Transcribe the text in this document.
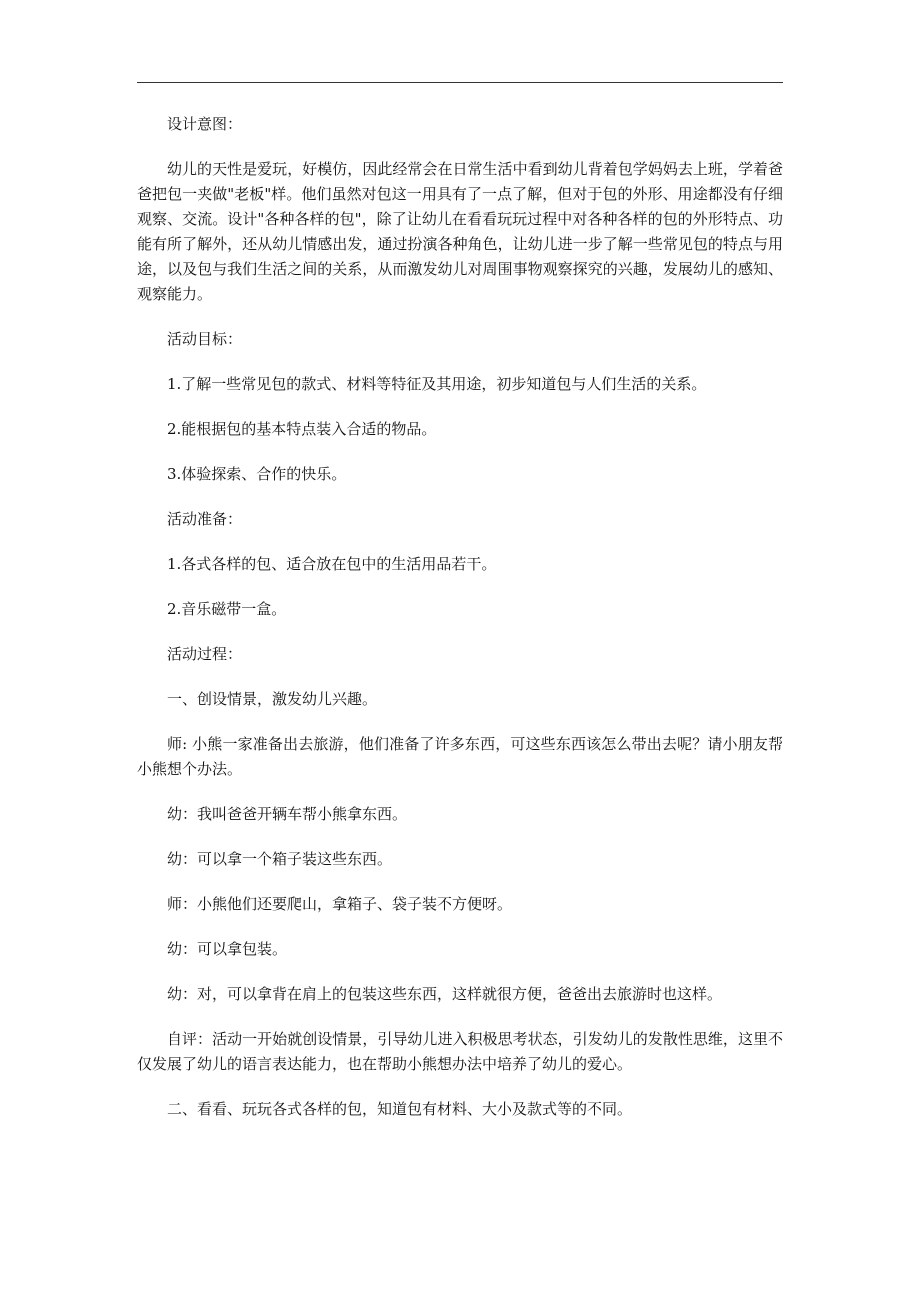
设计意图：

幼儿的天性是爱玩，好模仿，因此经常会在日常生活中看到幼儿背着包学妈妈去上班，学着爸爸把包一夹做"老板"样。他们虽然对包这一用具有了一点了解，但对于包的外形、用途都没有仔细观察、交流。设计"各种各样的包"，除了让幼儿在看看玩玩过程中对各种各样的包的外形特点、功能有所了解外，还从幼儿情感出发，通过扮演各种角色，让幼儿进一步了解一些常见包的特点与用途，以及包与我们生活之间的关系，从而激发幼儿对周围事物观察探究的兴趣，发展幼儿的感知、观察能力。

活动目标：

1.了解一些常见包的款式、材料等特征及其用途，初步知道包与人们生活的关系。

2.能根据包的基本特点装入合适的物品。

3.体验探索、合作的快乐。

活动准备：

1.各式各样的包、适合放在包中的生活用品若干。

2.音乐磁带一盒。

活动过程：

一、创设情景，激发幼儿兴趣。

师: 小熊一家准备出去旅游，他们准备了许多东西，可这些东西该怎么带出去呢？请小朋友帮小熊想个办法。

幼：我叫爸爸开辆车帮小熊拿东西。

幼：可以拿一个箱子装这些东西。

师：小熊他们还要爬山，拿箱子、袋子装不方便呀。

幼：可以拿包装。

幼：对，可以拿背在肩上的包装这些东西，这样就很方便，爸爸出去旅游时也这样。

自评：活动一开始就创设情景，引导幼儿进入积极思考状态，引发幼儿的发散性思维，这里不仅发展了幼儿的语言表达能力，也在帮助小熊想办法中培养了幼儿的爱心。

二、看看、玩玩各式各样的包，知道包有材料、大小及款式等的不同。
